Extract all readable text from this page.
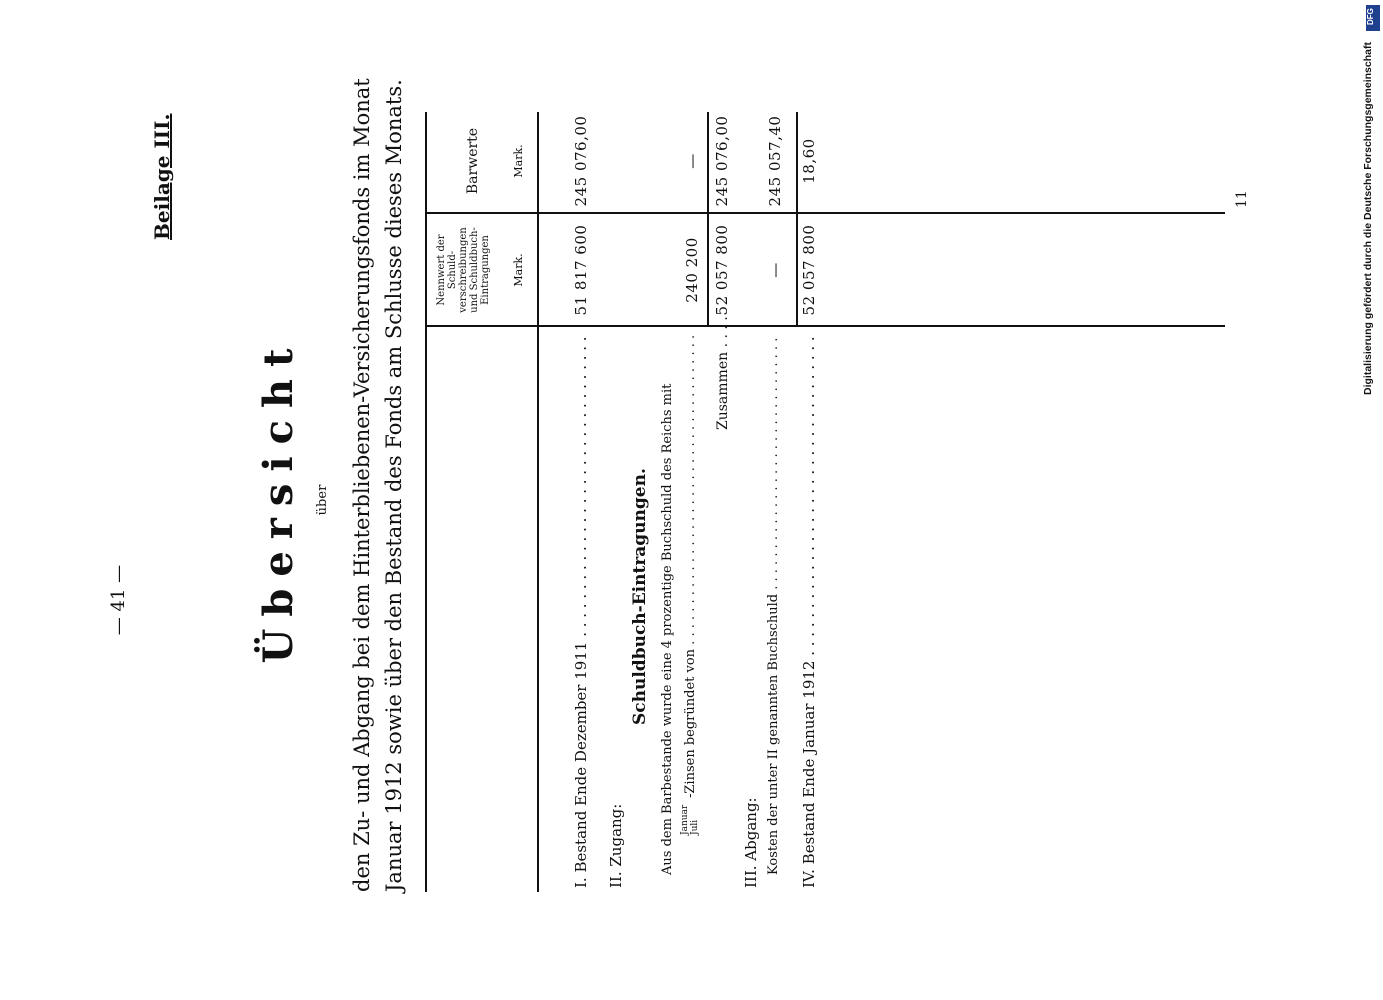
— 41 —
Beilage III.
Übersicht über den Zu- und Abgang bei dem Hinterbliebenen-Versicherungsfonds im Monat Januar 1912 sowie über den Bestand des Fonds am Schlusse dieses Monats.	Nennwert der Schuld- verschreibungen und Schuldbuch- Eintragungen Mark.
Barwerte	Mark.
I. Bestand Ende Dezember 1911 . . .
51 817 600
245 076,00
II. Zugang:
Schuldbuch-Eintragungen. Aus dem Barbestande wurde eine 4 prozentige Buchschuld des Reichs mit Januar Juli
-Zinsen begründet von . . .
240 200
—
Zusammen . . . .
52 057 800
245 076,00
III. Abgang: Kosten der unter II genannten Buchschuld . . .
—
245 057,40
IV. Bestand Ende Januar 1912 . . .
52 057 800
18,60
11
DFG
Digitalisierung gefördert durch die Deutsche Forschungsgemeinschaft
